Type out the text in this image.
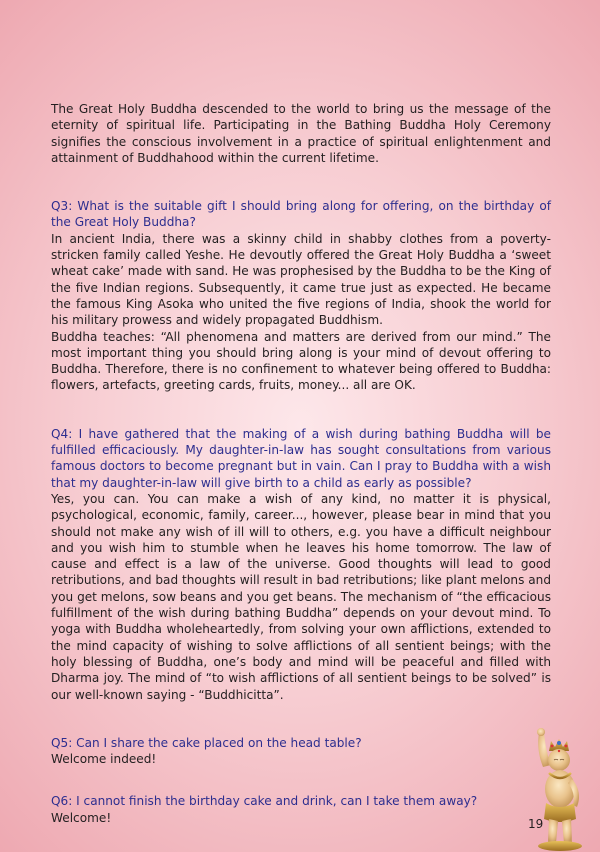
The Great Holy Buddha descended to the world to bring us the message of the eternity of spiritual life. Participating in the Bathing Buddha Holy Ceremony signifies the conscious involvement in a practice of spiritual enlightenment and attainment of Buddhahood within the current lifetime.

Q3: What is the suitable gift I should bring along for offering, on the birthday of the Great Holy Buddha?

In ancient India, there was a skinny child in shabby clothes from a poverty-stricken family called Yeshe. He devoutly offered the Great Holy Buddha a ‘sweet wheat cake’ made with sand. He was prophesised by the Buddha to be the King of the five Indian regions. Subsequently, it came true just as expected. He became the famous King Asoka who united the five regions of India, shook the world for his military prowess and widely propagated Buddhism.

Buddha teaches: “All phenomena and matters are derived from our mind.” The most important thing you should bring along is your mind of devout offering to Buddha. Therefore, there is no confinement to whatever being offered to Buddha: flowers, artefacts, greeting cards, fruits, money... all are OK.

Q4: I have gathered that the making of a wish during bathing Buddha will be fulfilled efficaciously. My daughter-in-law has sought consultations from various famous doctors to become pregnant but in vain. Can I pray to Buddha with a wish that my daughter-in-law will give birth to a child as early as possible?

Yes, you can. You can make a wish of any kind, no matter it is physical, psychological, economic, family, career..., however, please bear in mind that you should not make any wish of ill will to others, e.g. you have a difficult neighbour and you wish him to stumble when he leaves his home tomorrow. The law of cause and effect is a law of the universe. Good thoughts will lead to good retributions, and bad thoughts will result in bad retributions; like plant melons and you get melons, sow beans and you get beans. The mechanism of “the efficacious fulfillment of the wish during bathing Buddha” depends on your devout mind. To yoga with Buddha wholeheartedly, from solving your own afflictions, extended to the mind capacity of wishing to solve afflictions of all sentient beings; with the holy blessing of Buddha, one’s body and mind will be peaceful and filled with Dharma joy. The mind of “to wish afflictions of all sentient beings to be solved” is our well-known saying - “Buddhicitta”.

Q5: Can I share the cake placed on the head table?

Welcome indeed!

Q6: I cannot finish the birthday cake and drink, can I take them away?

Welcome!	19
